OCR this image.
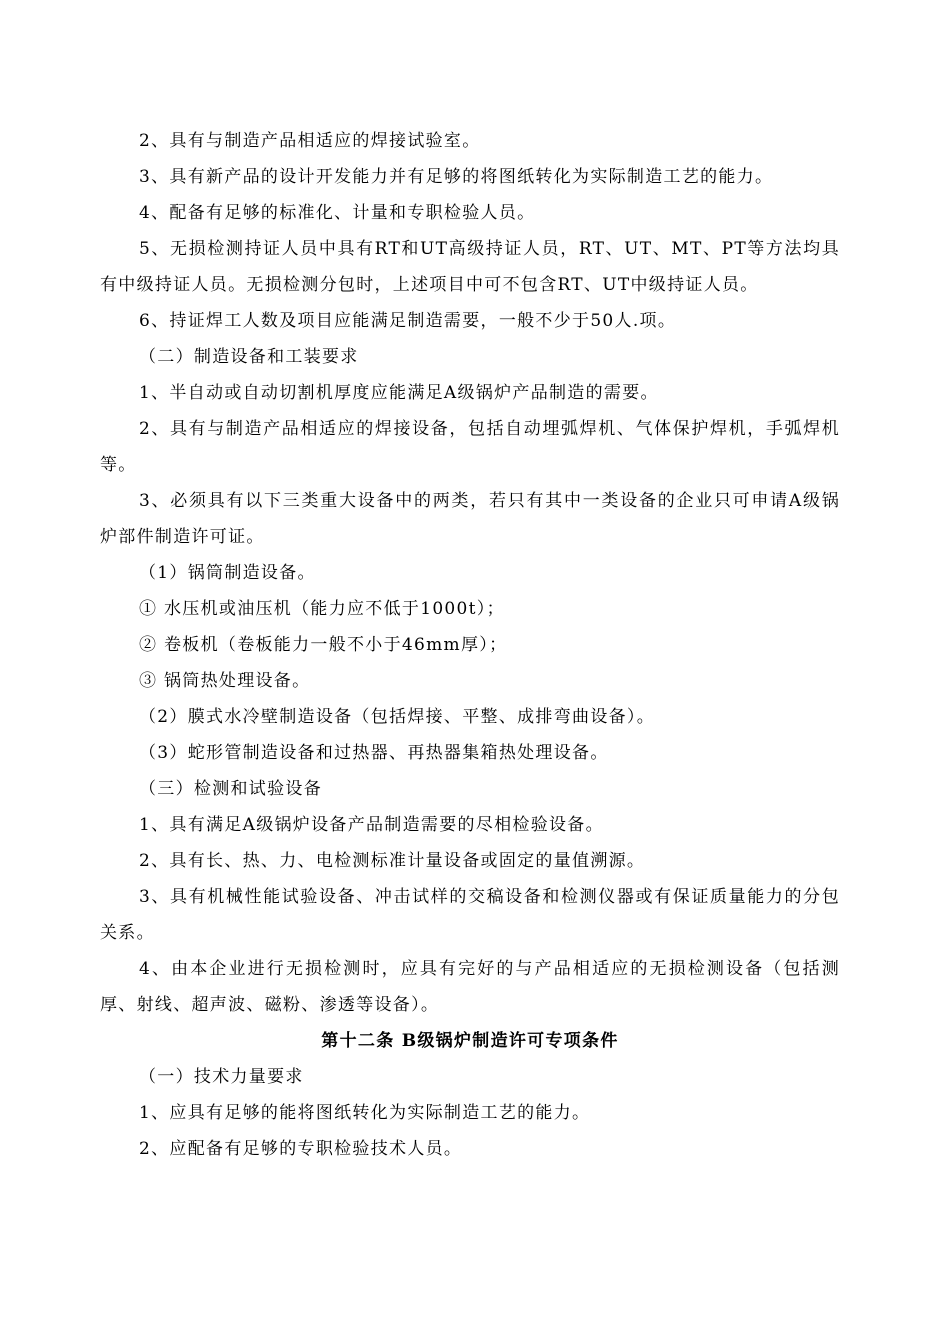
2、具有与制造产品相适应的焊接试验室。

3、具有新产品的设计开发能力并有足够的将图纸转化为实际制造工艺的能力。

4、配备有足够的标准化、计量和专职检验人员。

5、无损检测持证人员中具有RT和UT高级持证人员，RT、UT、MT、PT等方法均具有中级持证人员。无损检测分包时，上述项目中可不包含RT、UT中级持证人员。

6、持证焊工人数及项目应能满足制造需要，一般不少于50人.项。

（二）制造设备和工装要求

1、半自动或自动切割机厚度应能满足A级锅炉产品制造的需要。

2、具有与制造产品相适应的焊接设备，包括自动埋弧焊机、气体保护焊机，手弧焊机等。

3、必须具有以下三类重大设备中的两类，若只有其中一类设备的企业只可申请A级锅炉部件制造许可证。

（1）锅筒制造设备。

① 水压机或油压机（能力应不低于1000t）；

② 卷板机（卷板能力一般不小于46mm厚）；

③ 锅筒热处理设备。

（2）膜式水冷壁制造设备（包括焊接、平整、成排弯曲设备）。

（3）蛇形管制造设备和过热器、再热器集箱热处理设备。

（三）检测和试验设备

1、具有满足A级锅炉设备产品制造需要的尽相检验设备。

2、具有长、热、力、电检测标准计量设备或固定的量值溯源。

3、具有机械性能试验设备、冲击试样的交稿设备和检测仪器或有保证质量能力的分包关系。

4、由本企业进行无损检测时，应具有完好的与产品相适应的无损检测设备（包括测厚、射线、超声波、磁粉、渗透等设备）。

第十二条 B级锅炉制造许可专项条件

（一）技术力量要求

1、应具有足够的能将图纸转化为实际制造工艺的能力。

2、应配备有足够的专职检验技术人员。
